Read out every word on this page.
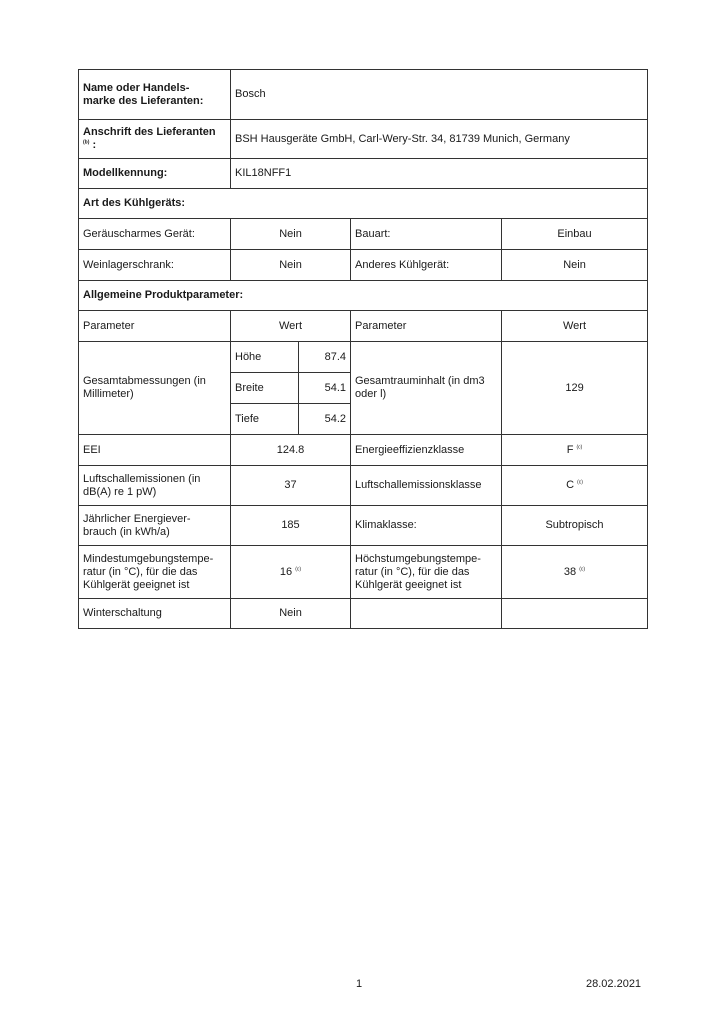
Name oder Handels-
marke des Lieferanten:	Bosch			
Anschrift des Lieferanten
$^{(b)}$ :	BSH Hausgeräte GmbH, Carl-Wery-Str. 34, 81739 Munich, Germany			
Modellkennung:	KIL18NFF1			
Art des Kühlgeräts:				
Geräuscharmes Gerät:	Nein		Bauart:	Einbau
Weinlagerschrank:	Nein		Anderes Kühlgerät:	Nein
Allgemeine Produktparameter:				
Parameter	Wert		Parameter	Wert
Gesamtabmessungen (in Millimeter)	Höhe	87.4	Gesamtrauminhalt (in dm3 oder l)	129
	Breite	54.1		
	Tiefe	54.2		
EEI	124.8		Energieeffizienzklasse	F $^{(c)}$
Luftschallemissionen (in dB(A) re 1 pW)	37		Luftschallemissionsklasse	C $^{(c)}$
Jährlicher Energiever-
brauch (in kWh/a)	185		Klimaklasse:	Subtropisch
Mindestumgebungstempe-
ratur (in °C), für die das
Kühlgerät geeignet ist	16 $^{(c)}$		Höchstumgebungstempe-
ratur (in °C), für die das
Kühlgerät geeignet ist	38 $^{(c)}$
Winterschaltung	Nein			
1	28.02.2021
